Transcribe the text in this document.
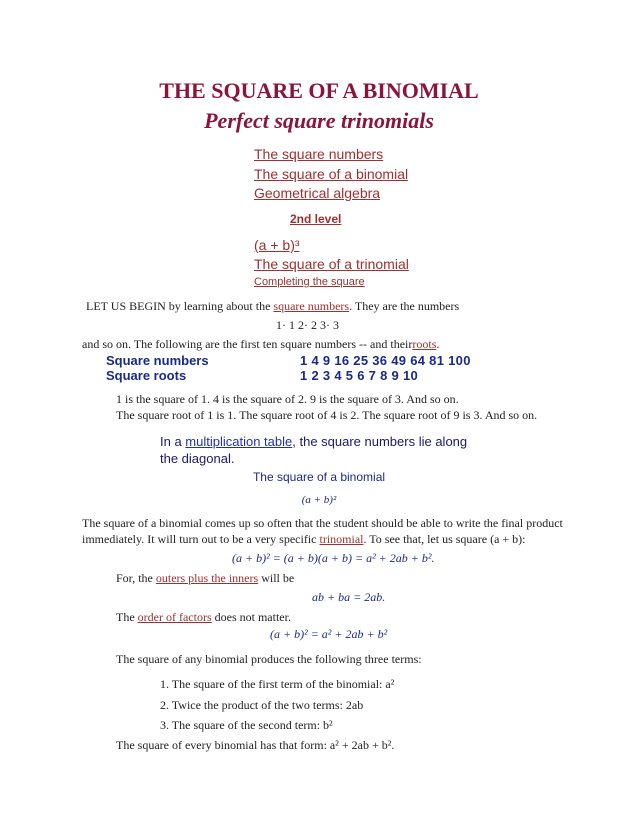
THE SQUARE OF A BINOMIAL
Perfect square trinomials
The square numbers
The square of a binomial
Geometrical algebra
2nd level
(a + b)³
The square of a trinomial
Completing the square
LET US BEGIN by learning about the square numbers. They are the numbers
1· 1 2· 2 3· 3
and so on. The following are the first ten square numbers -- and theirroots.
Square numbers	1 4 9 16 25 36 49 64 81 100
Square roots	1 2 3 4 5 6 7 8 9 10
1 is the square of 1. 4 is the square of 2. 9 is the square of 3. And so on.
The square root of 1 is 1. The square root of 4 is 2. The square root of 9 is 3. And so on.
In a multiplication table, the square numbers lie along
the diagonal.
The square of a binomial
(a + b)²
The square of a binomial comes up so often that the student should be able to write the final product
immediately. It will turn out to be a very specific trinomial. To see that, let us square (a + b):
(a + b)² = (a + b)(a + b) = a² + 2ab + b².
For, the outers plus the inners will be
ab + ba = 2ab.
The order of factors does not matter.
(a + b)² = a² + 2ab + b²
The square of any binomial produces the following three terms:
1. The square of the first term of the binomial: a²
2. Twice the product of the two terms: 2ab
3. The square of the second term: b²
The square of every binomial has that form: a² + 2ab + b².
